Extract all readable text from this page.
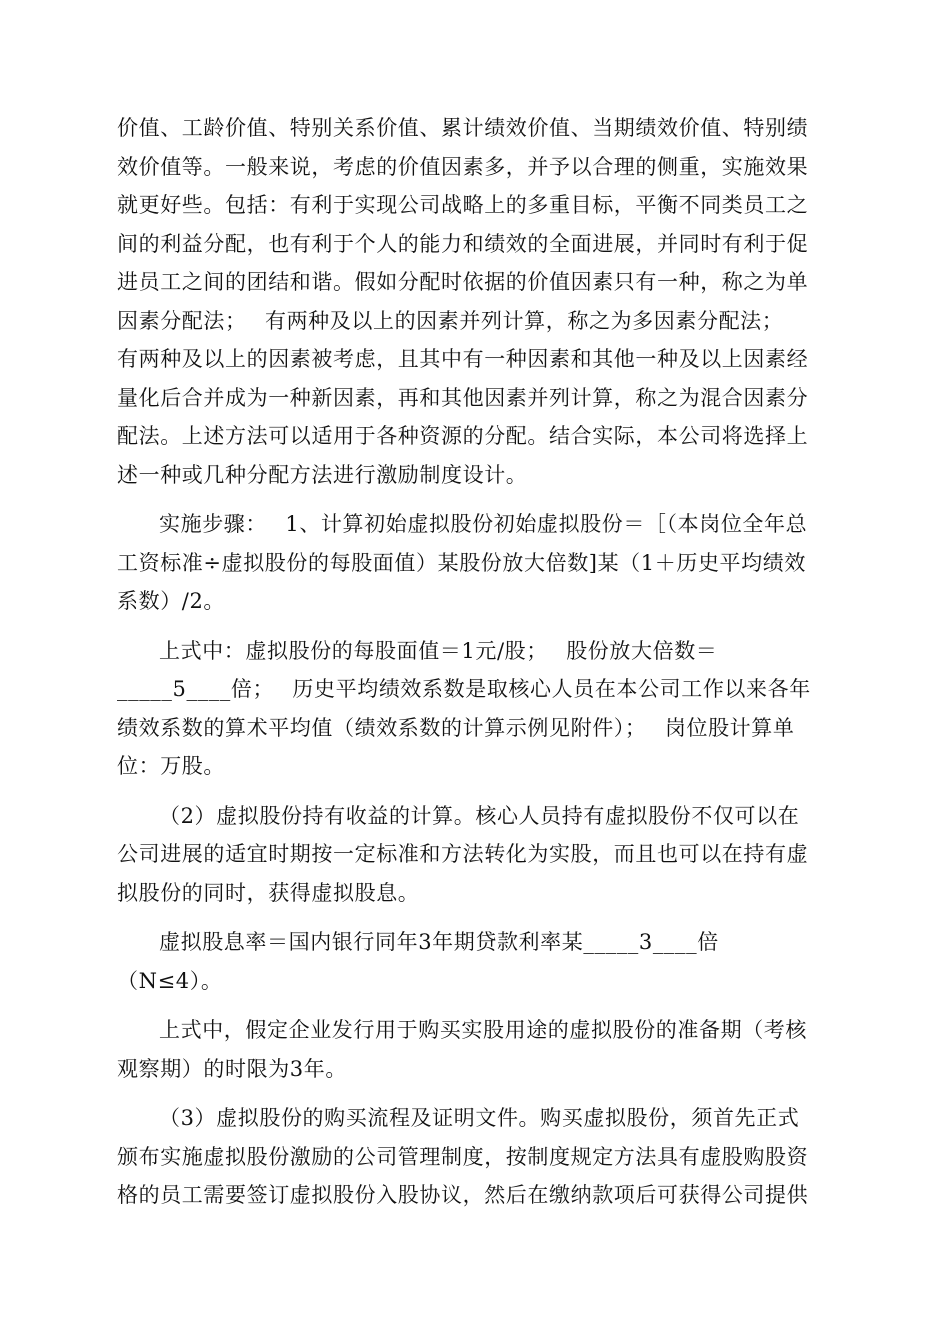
价值、工龄价值、特别关系价值、累计绩效价值、当期绩效价值、特别绩
效价值等。一般来说，考虑的价值因素多，并予以合理的侧重，实施效果
就更好些。包括：有利于实现公司战略上的多重目标，平衡不同类员工之
间的利益分配，也有利于个人的能力和绩效的全面进展，并同时有利于促
进员工之间的团结和谐。假如分配时依据的价值因素只有一种，称之为单
因素分配法；　 有两种及以上的因素并列计算，称之为多因素分配法；
有两种及以上的因素被考虑，且其中有一种因素和其他一种及以上因素经
量化后合并成为一种新因素，再和其他因素并列计算，称之为混合因素分
配法。上述方法可以适用于各种资源的分配。结合实际，本公司将选择上
述一种或几种分配方法进行激励制度设计。
实施步骤：　 1、计算初始虚拟股份初始虚拟股份＝［（本岗位全年总
工资标准÷虚拟股份的每股面值）某股份放大倍数]某（1＋历史平均绩效
系数）/2。
上式中：虚拟股份的每股面值＝1元/股；　 股份放大倍数＝
_____5____倍；　 历史平均绩效系数是取核心人员在本公司工作以来各年
绩效系数的算术平均值（绩效系数的计算示例见附件）；　 岗位股计算单
位：万股。
（2）虚拟股份持有收益的计算。核心人员持有虚拟股份不仅可以在
公司进展的适宜时期按一定标准和方法转化为实股，而且也可以在持有虚
拟股份的同时，获得虚拟股息。
虚拟股息率＝国内银行同年3年期贷款利率某_____3____倍
（N≤4）。
上式中，假定企业发行用于购买实股用途的虚拟股份的准备期（考核
观察期）的时限为3年。
（3）虚拟股份的购买流程及证明文件。购买虚拟股份，须首先正式
颁布实施虚拟股份激励的公司管理制度，按制度规定方法具有虚股购股资
格的员工需要签订虚拟股份入股协议，然后在缴纳款项后可获得公司提供
